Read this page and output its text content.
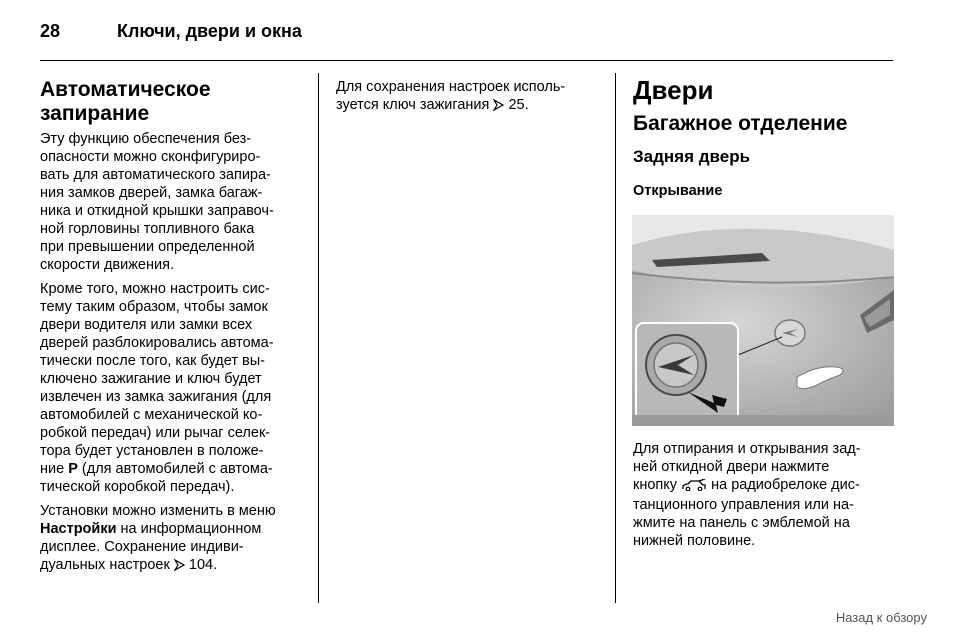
28	Ключи, двери и окна
Автоматическое
запирание

Эту функцию обеспечения без-
опасности можно сконфигуриро-
вать для автоматического запира-
ния замков дверей, замка багаж-
ника и откидной крышки заправоч-
ной горловины топливного бака
при превышении определенной
скорости движения.

Кроме того, можно настроить сис-
тему таким образом, чтобы замок
двери водителя или замки всех
дверей разблокировались автома-
тически после того, как будет вы-
ключено зажигание и ключ будет
извлечен из замка зажигания (для
автомобилей с механической ко-
робкой передач) или рычаг селек-
тора будет установлен в положе-
ние P (для автомобилей с автома-
тической коробкой передач).

Установки можно изменить в меню
Настройки на информационном
дисплее. Сохранение индиви-
дуальных настроек  104.

Для сохранения настроек исполь-
зуется ключ зажигания  25.	Двери
Багажное отделение
Задняя дверь
Открывание

Для отпирания и открывания зад-
ней откидной двери нажмите
кнопку  на радиобрелоке дис-
танционного управления или на-
жмите на панель с эмблемой на
нижней половине.

Назад к обзору
